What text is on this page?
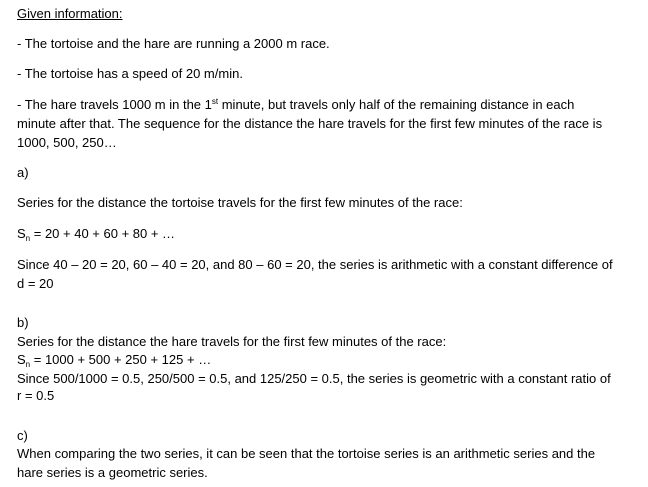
Given information:
- The tortoise and the hare are running a 2000 m race.
- The tortoise has a speed of 20 m/min.
- The hare travels 1000 m in the 1st minute, but travels only half of the remaining distance in each
minute after that. The sequence for the distance the hare travels for the first few minutes of the race is
1000, 500, 250…
a)
Series for the distance the tortoise travels for the first few minutes of the race:
$S_n = 20 + 40 + 60 + 80$ + …
Since 40 – 20 = 20, 60 – 40 = 20, and 80 – 60 = 20, the series is arithmetic with a constant difference of
d = 20
b)
Series for the distance the hare travels for the first few minutes of the race:
$S_n = 1000 + 500 + 250 + 125$ + …
Since 500/1000 = 0.5, 250/500 = 0.5, and 125/250 = 0.5, the series is geometric with a constant ratio of
r = 0.5
c)
When comparing the two series, it can be seen that the tortoise series is an arithmetic series and the
hare series is a geometric series.
